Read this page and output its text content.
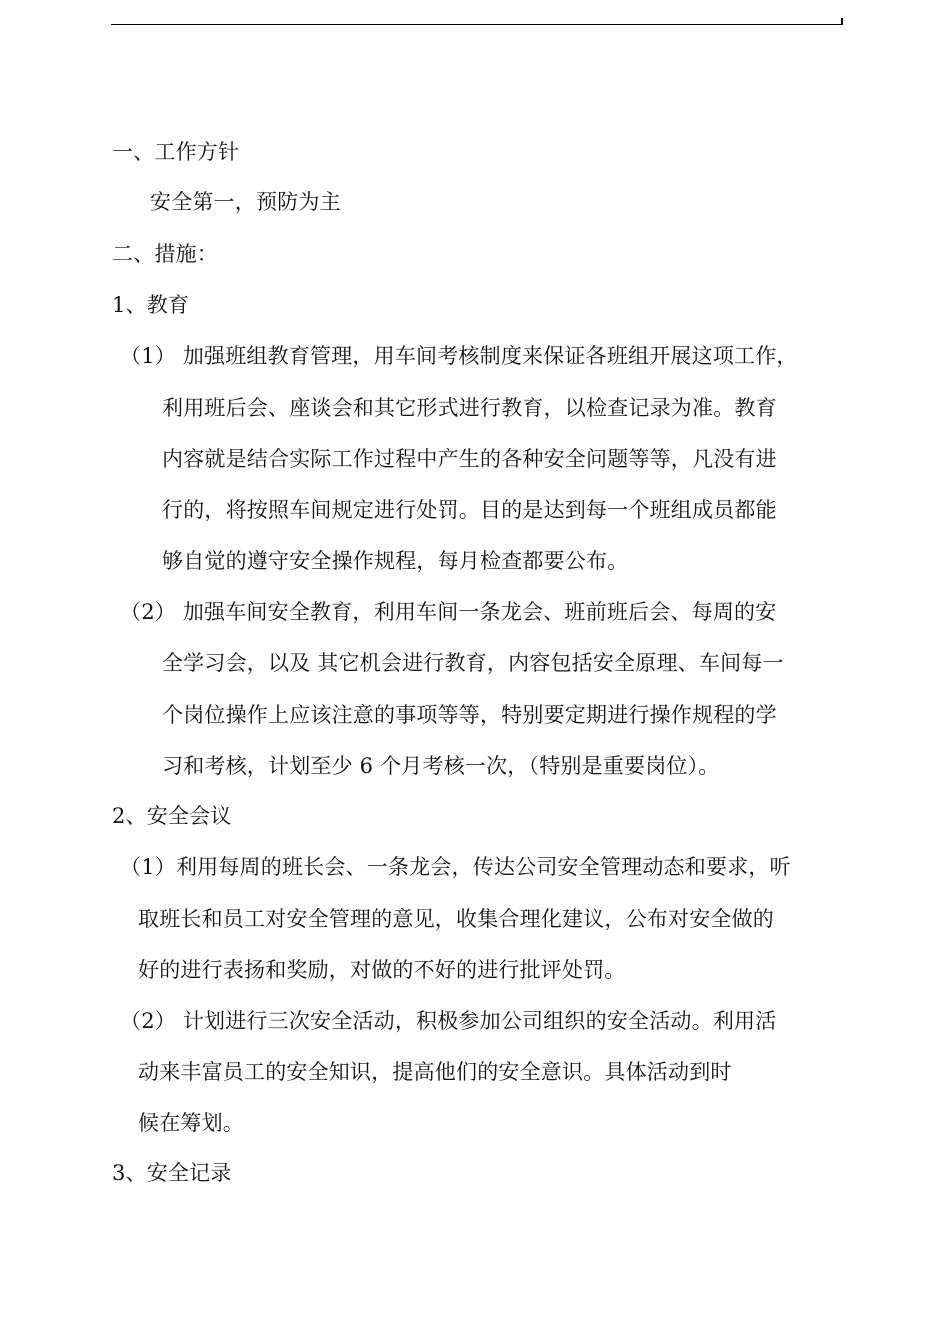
一、工作方针
安全第一，预防为主
二、措施：
1、教育
（1） 加强班组教育管理，用车间考核制度来保证各班组开展这项工作，
利用班后会、座谈会和其它形式进行教育，以检查记录为准。教育
内容就是结合实际工作过程中产生的各种安全问题等等，凡没有进
行的，将按照车间规定进行处罚。目的是达到每一个班组成员都能
够自觉的遵守安全操作规程，每月检查都要公布。
（2） 加强车间安全教育，利用车间一条龙会、班前班后会、每周的安
全学习会，以及 其它机会进行教育，内容包括安全原理、车间每一
个岗位操作上应该注意的事项等等，特别要定期进行操作规程的学
习和考核，计划至少 6 个月考核一次，（特别是重要岗位）。
2、安全会议
（1）利用每周的班长会、一条龙会，传达公司安全管理动态和要求，听
取班长和员工对安全管理的意见，收集合理化建议，公布对安全做的
好的进行表扬和奖励，对做的不好的进行批评处罚。
（2） 计划进行三次安全活动，积极参加公司组织的安全活动。利用活
动来丰富员工的安全知识，提高他们的安全意识。具体活动到时
候在筹划。
3、安全记录
